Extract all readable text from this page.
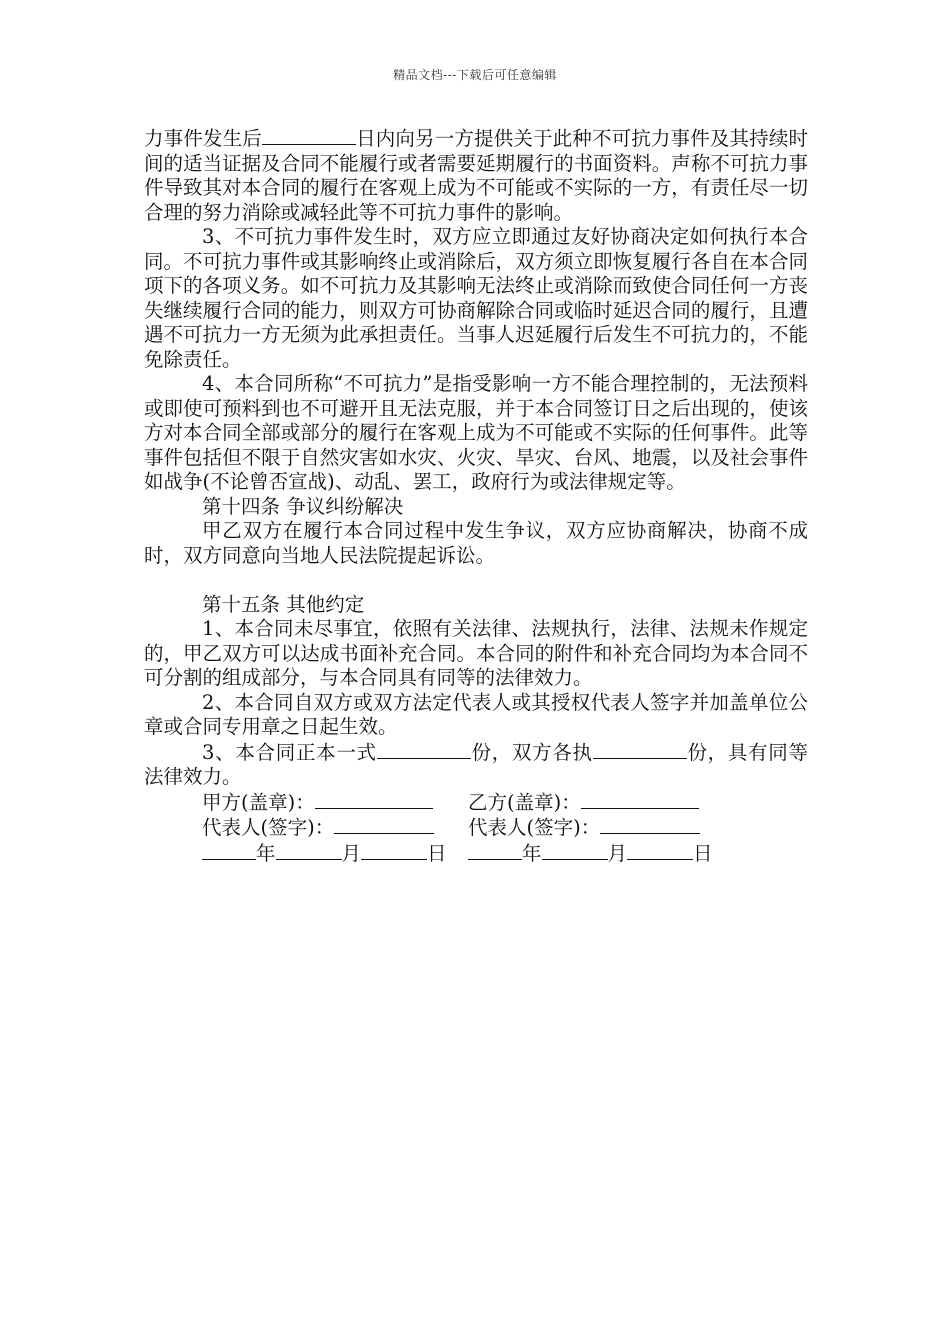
精品文档---下载后可任意编辑

力事件发生后	日内向另一方提供关于此种不可抗力事件及其持续时间的适当证据及合同不能履行或者需要延期履行的书面资料。声称不可抗力事件导致其对本合同的履行在客观上成为不可能或不实际的一方，有责任尽一切合理的努力消除或减轻此等不可抗力事件的影响。

3、不可抗力事件发生时，双方应立即通过友好协商决定如何执行本合同。不可抗力事件或其影响终止或消除后，双方须立即恢复履行各自在本合同项下的各项义务。如不可抗力及其影响无法终止或消除而致使合同任何一方丧失继续履行合同的能力，则双方可协商解除合同或临时延迟合同的履行，且遭遇不可抗力一方无须为此承担责任。当事人迟延履行后发生不可抗力的，不能免除责任。

4、本合同所称“不可抗力”是指受影响一方不能合理控制的，无法预料或即使可预料到也不可避开且无法克服，并于本合同签订日之后出现的，使该方对本合同全部或部分的履行在客观上成为不可能或不实际的任何事件。此等事件包括但不限于自然灾害如水灾、火灾、旱灾、台风、地震，以及社会事件如战争(不论曾否宣战)、动乱、罢工，政府行为或法律规定等。

第十四条 争议纠纷解决

甲乙双方在履行本合同过程中发生争议，双方应协商解决，协商不成时，双方同意向当地人民法院提起诉讼。

第十五条 其他约定

1、本合同未尽事宜，依照有关法律、法规执行，法律、法规未作规定的，甲乙双方可以达成书面补充合同。本合同的附件和补充合同均为本合同不可分割的组成部分，与本合同具有同等的法律效力。

2、本合同自双方或双方法定代表人或其授权代表人签字并加盖单位公章或合同专用章之日起生效。

3、本合同正本一式	份，双方各执	份，具有同等法律效力。

甲方(盖章)：	乙方(盖章)：
代表人(签字)：	代表人(签字)：
年	月	日	年	月	日
